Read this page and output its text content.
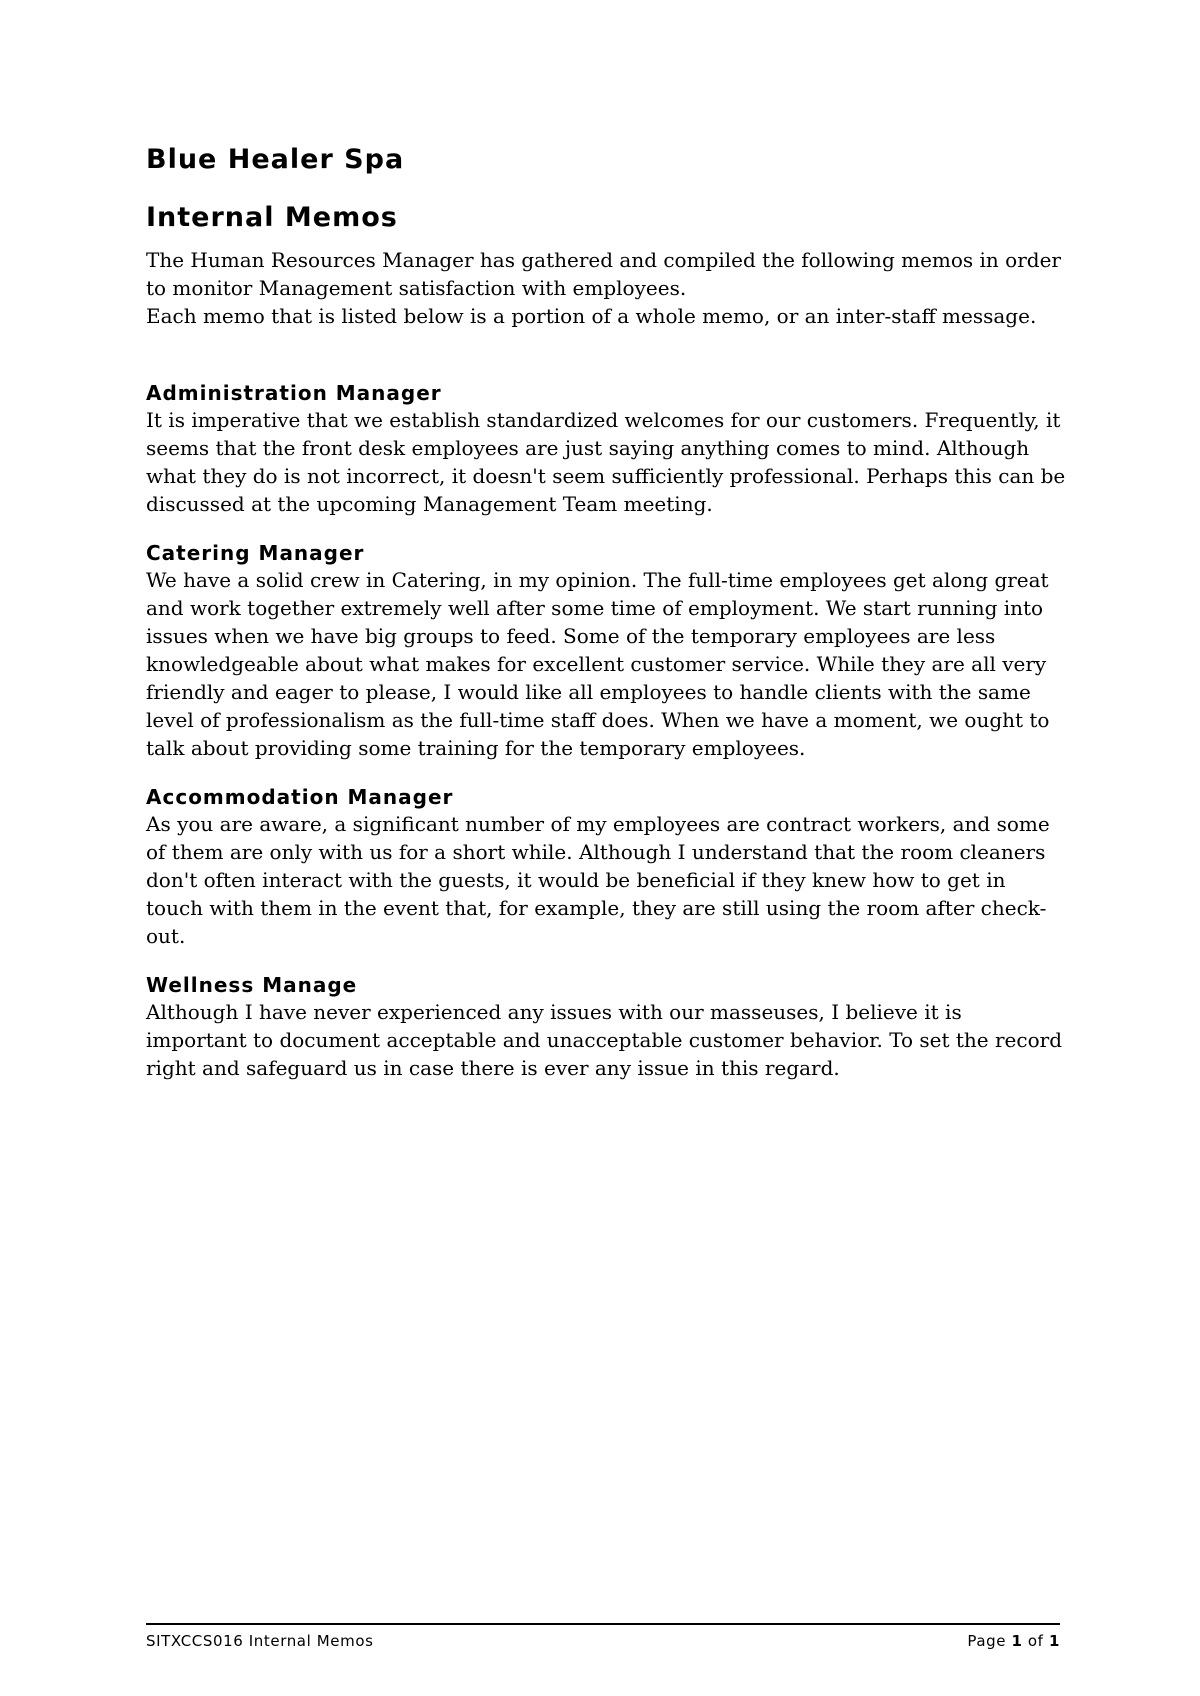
Blue Healer Spa
Internal Memos

The Human Resources Manager has gathered and compiled the following memos in order to monitor Management satisfaction with employees.

Each memo that is listed below is a portion of a whole memo, or an inter-staff message.

Administration Manager

It is imperative that we establish standardized welcomes for our customers. Frequently, it seems that the front desk employees are just saying anything comes to mind. Although what they do is not incorrect, it doesn't seem sufficiently professional. Perhaps this can be discussed at the upcoming Management Team meeting.

Catering Manager

We have a solid crew in Catering, in my opinion. The full-time employees get along great and work together extremely well after some time of employment. We start running into issues when we have big groups to feed. Some of the temporary employees are less knowledgeable about what makes for excellent customer service. While they are all very friendly and eager to please, I would like all employees to handle clients with the same level of professionalism as the full-time staff does. When we have a moment, we ought to talk about providing some training for the temporary employees.

Accommodation Manager

As you are aware, a significant number of my employees are contract workers, and some of them are only with us for a short while. Although I understand that the room cleaners don't often interact with the guests, it would be beneficial if they knew how to get in touch with them in the event that, for example, they are still using the room after check-out.

Wellness Manage

Although I have never experienced any issues with our masseuses, I believe it is important to document acceptable and unacceptable customer behavior. To set the record right and safeguard us in case there is ever any issue in this regard.

SITXCCS016 Internal Memos	Page 1 of 1
